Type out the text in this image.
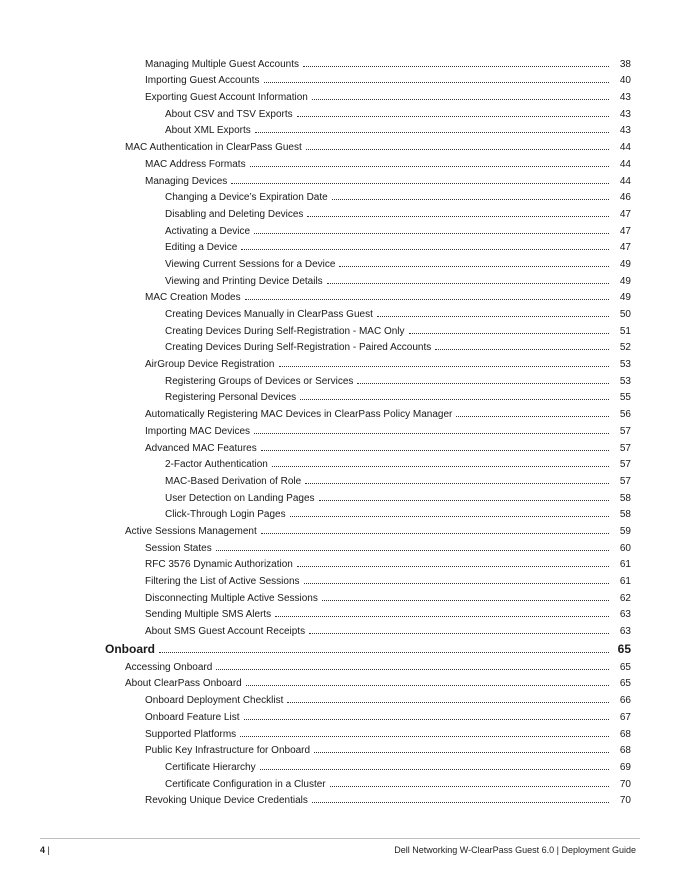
Managing Multiple Guest Accounts	38
Importing Guest Accounts	40
Exporting Guest Account Information	43
About CSV and TSV Exports	43
About XML Exports	43
MAC Authentication in ClearPass Guest	44
MAC Address Formats	44
Managing Devices	44
Changing a Device’s Expiration Date	46
Disabling and Deleting Devices	47
Activating a Device	47
Editing a Device	47
Viewing Current Sessions for a Device	49
Viewing and Printing Device Details	49
MAC Creation Modes	49
Creating Devices Manually in ClearPass Guest	50
Creating Devices During Self-Registration - MAC Only	51
Creating Devices During Self-Registration - Paired Accounts	52
AirGroup Device Registration	53
Registering Groups of Devices or Services	53
Registering Personal Devices	55
Automatically Registering MAC Devices in ClearPass Policy Manager	56
Importing MAC Devices	57
Advanced MAC Features	57
2-Factor Authentication	57
MAC-Based Derivation of Role	57
User Detection on Landing Pages	58
Click-Through Login Pages	58
Active Sessions Management	59
Session States	60
RFC 3576 Dynamic Authorization	61
Filtering the List of Active Sessions	61
Disconnecting Multiple Active Sessions	62
Sending Multiple SMS Alerts	63
About SMS Guest Account Receipts	63
Onboard	65
Accessing Onboard	65
About ClearPass Onboard	65
Onboard Deployment Checklist	66
Onboard Feature List	67
Supported Platforms	68
Public Key Infrastructure for Onboard	68
Certificate Hierarchy	69
Certificate Configuration in a Cluster	70
Revoking Unique Device Credentials	70
4 |	Dell Networking W-ClearPass Guest 6.0 | Deployment Guide
